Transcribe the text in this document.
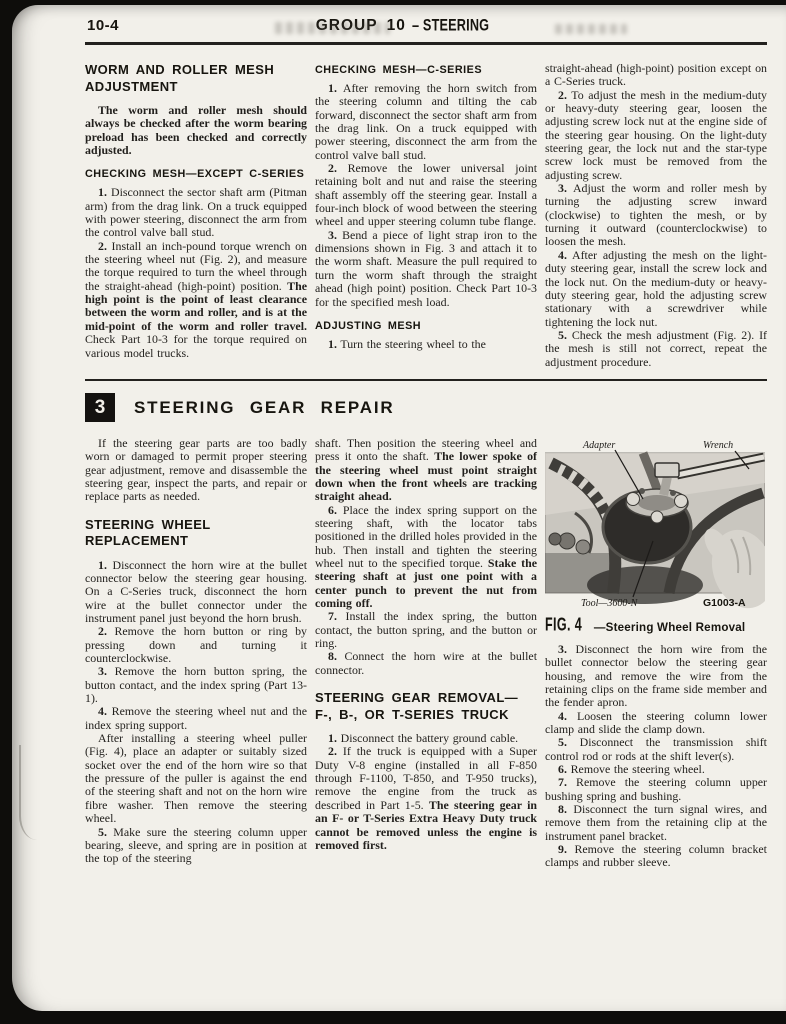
10-4	GROUP 10 – STEERING
WORM AND ROLLER MESH
ADJUSTMENT

The worm and roller mesh should always be checked after the worm bearing preload has been checked and correctly adjusted.

CHECKING MESH—EXCEPT C-SERIES

1. Disconnect the sector shaft arm (Pitman arm) from the drag link. On a truck equipped with power steering, disconnect the arm from the control valve ball stud.

2. Install an inch-pound torque wrench on the steering wheel nut (Fig. 2), and measure the torque required to turn the wheel through the straight-ahead (high-point) position. The high point is the point of least clearance between the worm and roller, and is at the mid-point of the worm and roller travel. Check Part 10-3 for the torque required on various model trucks.

CHECKING MESH—C-SERIES

1. After removing the horn switch from the steering column and tilting the cab forward, disconnect the sector shaft arm from the drag link. On a truck equipped with power steering, disconnect the arm from the control valve ball stud.

2. Remove the lower universal joint retaining bolt and nut and raise the steering shaft assembly off the steering gear. Install a four-inch block of wood between the steering wheel and upper steering column tube flange.

3. Bend a piece of light strap iron to the dimensions shown in Fig. 3 and attach it to the worm shaft. Measure the pull required to turn the worm shaft through the straight ahead (high point) position. Check Part 10-3 for the specified mesh load.

ADJUSTING MESH

1. Turn the steering wheel to the

straight-ahead (high-point) position except on a C-Series truck.

2. To adjust the mesh in the medium-duty or heavy-duty steering gear, loosen the adjusting screw lock nut at the engine side of the steering gear housing. On the light-duty steering gear, the lock nut and the star-type screw lock must be removed from the adjusting screw.

3. Adjust the worm and roller mesh by turning the adjusting screw inward (clockwise) to tighten the mesh, or by turning it outward (counterclockwise) to loosen the mesh.

4. After adjusting the mesh on the light-duty steering gear, install the screw lock and the lock nut. On the medium-duty or heavy-duty steering gear, hold the adjusting screw stationary with a screwdriver while tightening the lock nut.

5. Check the mesh adjustment (Fig. 2). If the mesh is still not correct, repeat the adjustment procedure.

3	STEERING GEAR REPAIR

If the steering gear parts are too badly worn or damaged to permit proper steering gear adjustment, remove and disassemble the steering gear, inspect the parts, and repair or replace parts as needed.

STEERING WHEEL
REPLACEMENT

1. Disconnect the horn wire at the bullet connector below the steering gear housing. On a C-Series truck, disconnect the horn wire at the bullet connector under the instrument panel just beyond the horn brush.

2. Remove the horn button or ring by pressing down and turning it counterclockwise.

3. Remove the horn button spring, the button contact, and the index spring (Part 13-1).

4. Remove the steering wheel nut and the index spring support.

After installing a steering wheel puller (Fig. 4), place an adapter or suitably sized socket over the end of the horn wire so that the pressure of the puller is against the end of the steering shaft and not on the horn wire fibre washer. Then remove the steering wheel.

5. Make sure the steering column upper bearing, sleeve, and spring are in position at the top of the steering

shaft. Then position the steering wheel and press it onto the shaft. The lower spoke of the steering wheel must point straight down when the front wheels are tracking straight ahead.

6. Place the index spring support on the steering shaft, with the locator tabs positioned in the drilled holes provided in the hub. Then install and tighten the steering wheel nut to the specified torque. Stake the steering shaft at just one point with a center punch to prevent the nut from coming off.

7. Install the index spring, the button contact, the button spring, and the button or ring.

8. Connect the horn wire at the bullet connector.

STEERING GEAR REMOVAL—
F-, B-, OR T-SERIES TRUCK

1. Disconnect the battery ground cable.

2. If the truck is equipped with a Super Duty V-8 engine (installed in all F-850 through F-1100, T-850, and T-950 trucks), remove the engine from the truck as described in Part 1-5. The steering gear in an F- or T-Series Extra Heavy Duty truck cannot be removed unless the engine is removed first.

Adapter	Wrench
Tool—3600-N	G1003-A
FIG. 4 —Steering Wheel Removal

3. Disconnect the horn wire from the bullet connector below the steering gear housing, and remove the wire from the retaining clips on the frame side member and the fender apron.

4. Loosen the steering column lower clamp and slide the clamp down.

5. Disconnect the transmission shift control rod or rods at the shift lever(s).

6. Remove the steering wheel.

7. Remove the steering column upper bushing spring and bushing.

8. Disconnect the turn signal wires, and remove them from the retaining clip at the instrument panel bracket.

9. Remove the steering column bracket clamps and rubber sleeve.
